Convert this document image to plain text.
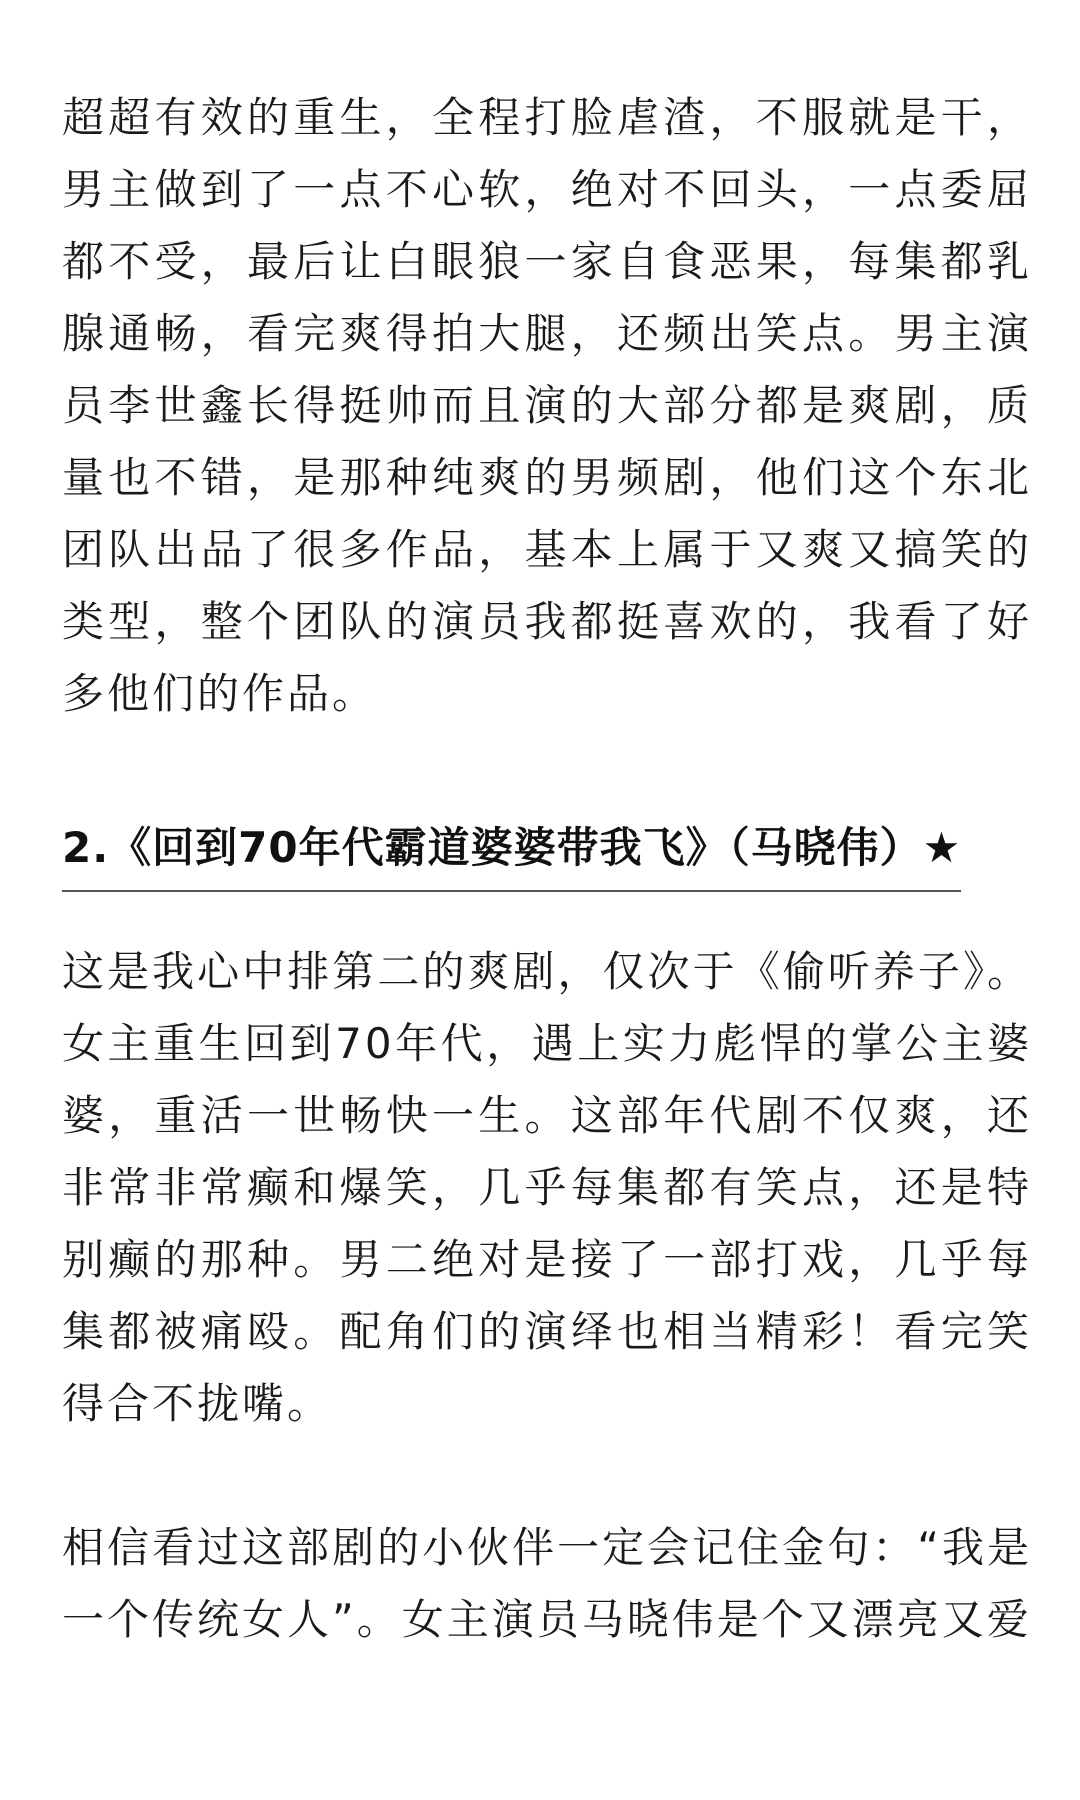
超超有效的重生，全程打脸虐渣，不服就是干，男主做到了一点不心软，绝对不回头，一点委屈都不受，最后让白眼狼一家自食恶果，每集都乳腺通畅，看完爽得拍大腿，还频出笑点。男主演员李世鑫长得挺帅而且演的大部分都是爽剧，质量也不错，是那种纯爽的男频剧，他们这个东北团队出品了很多作品，基本上属于又爽又搞笑的类型，整个团队的演员我都挺喜欢的，我看了好多他们的作品。

2.《回到70年代霸道婆婆带我飞》（马晓伟）★

这是我心中排第二的爽剧，仅次于《偷听养子》。女主重生回到70年代，遇上实力彪悍的掌公主婆婆，重活一世畅快一生。这部年代剧不仅爽，还非常非常癫和爆笑，几乎每集都有笑点，还是特别癫的那种。男二绝对是接了一部打戏，几乎每集都被痛殴。配角们的演绎也相当精彩！看完笑得合不拢嘴。

相信看过这部剧的小伙伴一定会记住金句：“我是一个传统女人”。女主演员马晓伟是个又漂亮又爱
